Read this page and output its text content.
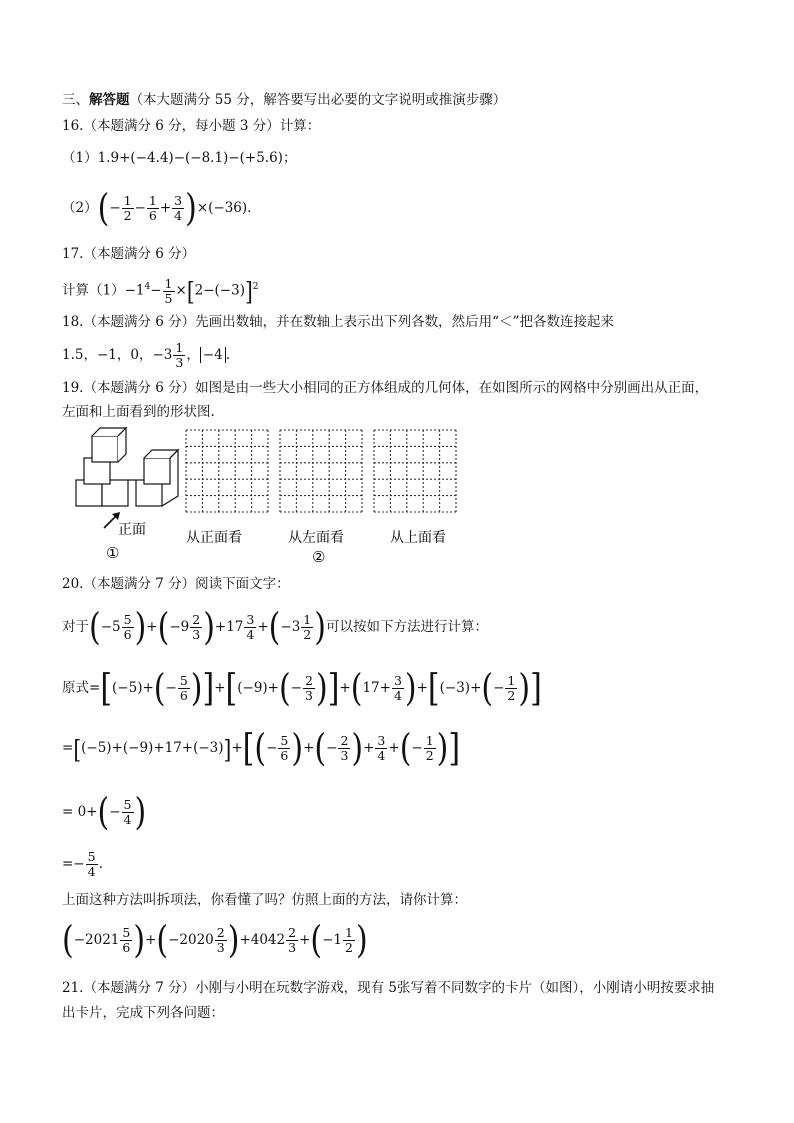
三、解答题（本大题满分 55 分，解答要写出必要的文字说明或推演步骤）
16.（本题满分 6 分，每小题 3 分）计算：
（1）1.9+(−4.4)−(−8.1)−(+5.6)；
$(2)(- \frac{1}{2} - \frac{1}{6} + \frac{3}{4} )\times(-36)$.
17.（本题满分 6 分）
计算$(1)-1^4- \frac{1}{5} \times[2-(-3)]^2$
18.（本题满分 6 分）先画出数轴，并在数轴上表示出下列各数，然后用“＜”把各数连接起来
1.5，−1，0，$-3 \frac{1}{3}$ ， −4 .
19.（本题满分 6 分）如图是由一些大小相同的正方体组成的几何体，在如图所示的网格中分别画出从正面，
左面和上面看到的形状图.
正面
①
从正面看	从左面看
②
从上面看
20.（本题满分 7 分）阅读下面文字：
对于$(-5 \frac{5}{6} )+(-9 \frac{2}{3} )+17 \frac{3}{4} +(-3 \frac{1}{2}$ )可以按如下方法进行计算：
原式$=[(-5)+(- \frac{5}{6} )]+[(-9)+(- \frac{2}{3} )]+(17+ \frac{3}{4} )+[(-3)+(- \frac{1}{2}$ )]
$=[(-5)+(-9)+17+(-3)]+[(- \frac{5}{6}$ )+(− $\frac{2}{3}$ )+ $\frac{3}{4}$ +(− $\frac{1}{2}$ )]
= $0+(- \frac{5}{4}$ )
=− $\frac{5}{4}$ .
上面这种方法叫拆项法，你看懂了吗？仿照上面的方法，请你计算：
$(-2021 \frac{5}{6} )+(-2020 \frac{2}{3} )+4042 \frac{2}{3} +(-1 \frac{1}{2}$ )
21.（本题满分 7 分）小刚与小明在玩数字游戏，现有 5张写着不同数字的卡片（如图），小刚请小明按要求抽
出卡片，完成下列各问题：
